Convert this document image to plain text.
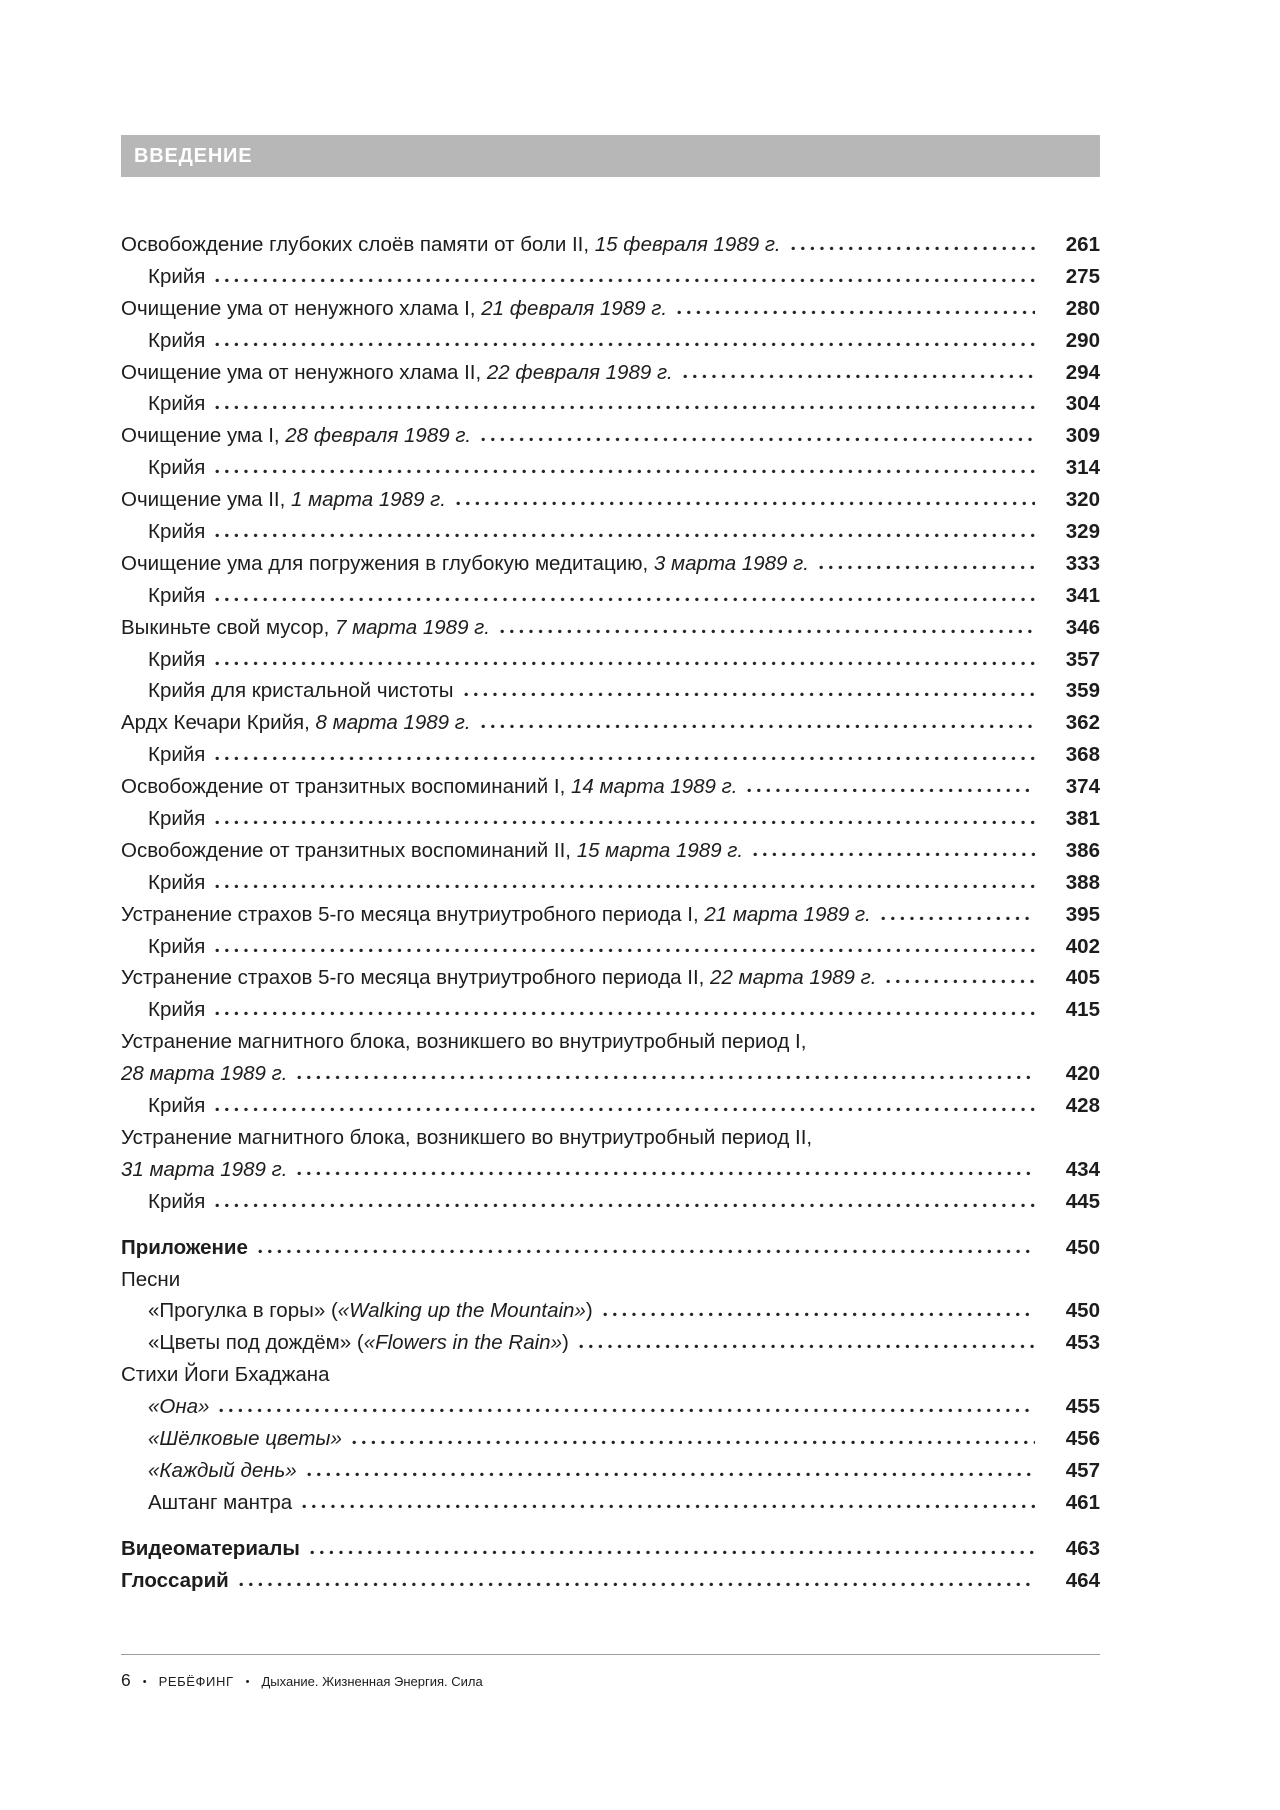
ВВЕДЕНИЕ
Освобождение глубоких слоёв памяти от боли II, 15 февраля 1989 г.	261
Крийя	275
Очищение ума от ненужного хлама I, 21 февраля 1989 г.	280
Крийя	290
Очищение ума от ненужного хлама II, 22 февраля 1989 г.	294
Крийя	304
Очищение ума I, 28 февраля 1989 г.	309
Крийя	314
Очищение ума II, 1 марта 1989 г.	320
Крийя	329
Очищение ума для погружения в глубокую медитацию, 3 марта 1989 г.	333
Крийя	341
Выкиньте свой мусор, 7 марта 1989 г.	346
Крийя	357
Крийя для кристальной чистоты	359
Ардх Кечари Крийя, 8 марта 1989 г.	362
Крийя	368
Освобождение от транзитных воспоминаний I, 14 марта 1989 г.	374
Крийя	381
Освобождение от транзитных воспоминаний II, 15 марта 1989 г.	386
Крийя	388
Устранение страхов 5-го месяца внутриутробного периода I, 21 марта 1989 г.	395
Крийя	402
Устранение страхов 5-го месяца внутриутробного периода II, 22 марта 1989 г.	405
Крийя	415
Устранение магнитного блока, возникшего во внутриутробный период I,
28 марта 1989 г.	420
Крийя	428
Устранение магнитного блока, возникшего во внутриутробный период II,
31 марта 1989 г.	434
Крийя	445
Приложение	450
Песни
«Прогулка в горы» («Walking up the Mountain»)	450
«Цветы под дождём» («Flowers in the Rain»)	453
Стихи Йоги Бхаджана
«Она»	455
«Шёлковые цветы»	456
«Каждый день»	457
Аштанг мантра	461
Видеоматериалы	463
Глоссарий	464
6 • РЕБЁФИНГ • Дыхание. Жизненная Энергия. Сила
